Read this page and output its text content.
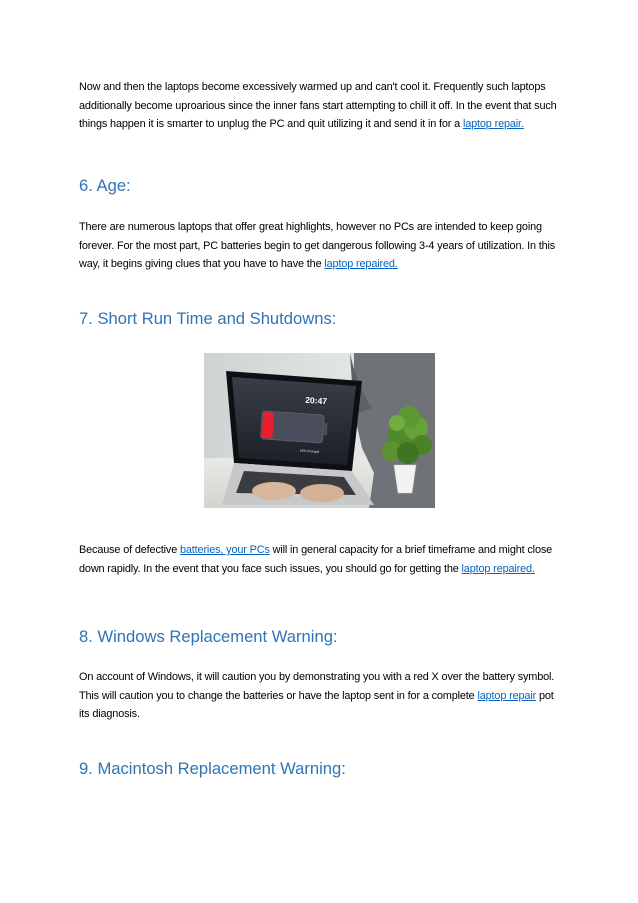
Now and then the laptops become excessively warmed up and can't cool it. Frequently such laptops additionally become uproarious since the inner fans start attempting to chill it off. In the event that such things happen it is smarter to unplug the PC and quit utilizing it and send it in for a laptop repair.

6. Age:

There are numerous laptops that offer great highlights, however no PCs are intended to keep going forever. For the most part, PC batteries begin to get dangerous following 3-4 years of utilization. In this way, it begins giving clues that you have to have the laptop repaired.

7. Short Run Time and Shutdowns:
20:47
18% Charged

Because of defective batteries, your PCs will in general capacity for a brief timeframe and might close down rapidly. In the event that you face such issues, you should go for getting the laptop repaired.

8. Windows Replacement Warning:

On account of Windows, it will caution you by demonstrating you with a red X over the battery symbol. This will caution you to change the batteries or have the laptop sent in for a complete laptop repair pot its diagnosis.

9. Macintosh Replacement Warning:
